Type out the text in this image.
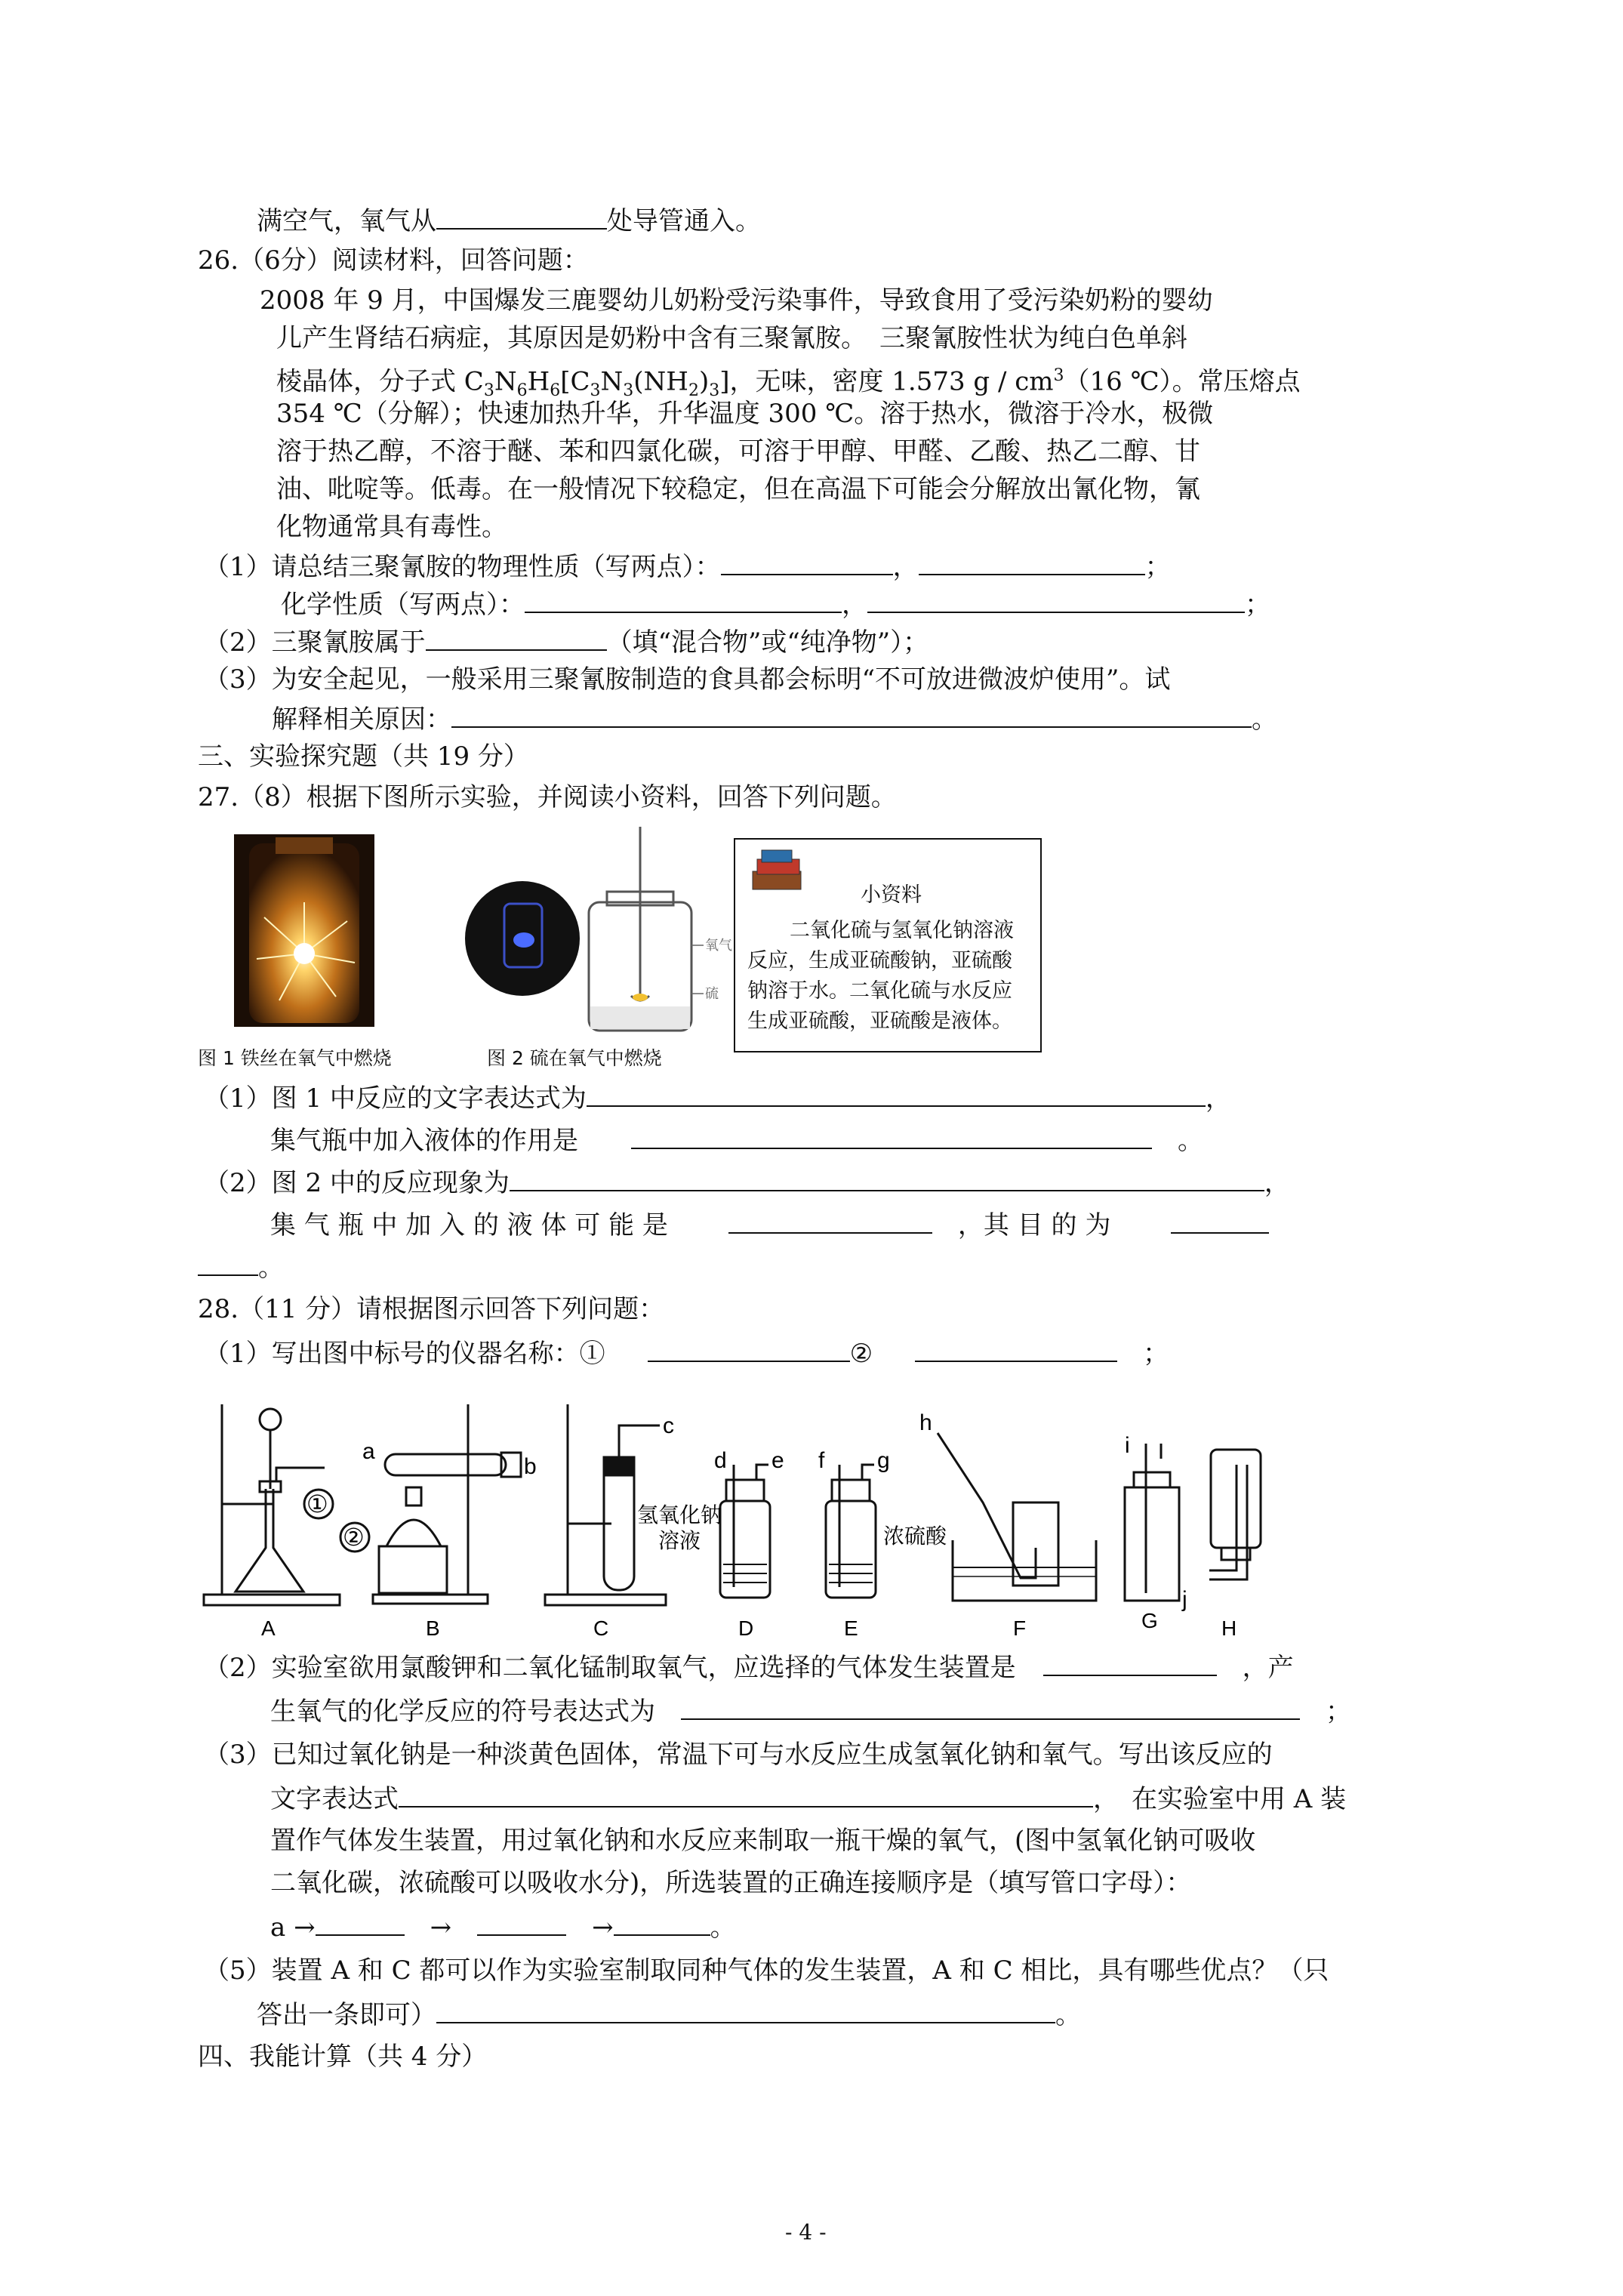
满空气，氧气从	处导管通入。
26.（6分）阅读材料，回答问题：
2008 年 9 月，中国爆发三鹿婴幼儿奶粉受污染事件，导致食用了受污染奶粉的婴幼
儿产生肾结石病症，其原因是奶粉中含有三聚氰胺。　三聚氰胺性状为纯白色单斜
棱晶体，分子式 $C_3N_6H_6[C_3N_3(NH_2)_3]$，无味，密度 1.573 g / $cm^3(16$ ℃）。常压熔点
354 ℃（分解）；快速加热升华，升华温度 300 ℃。溶于热水，微溶于冷水，极微
溶于热乙醇，不溶于醚、苯和四氯化碳，可溶于甲醇、甲醛、乙酸、热乙二醇、甘
油、吡啶等。低毒。在一般情况下较稳定，但在高温下可能会分解放出氰化物，氰
化物通常具有毒性。
（1）请总结三聚氰胺的物理性质（写两点）：	，	；
化学性质（写两点）：	，	；
（2）三聚氰胺属于	（填“混合物”或“纯净物”）；
（3）为安全起见，一般采用三聚氰胺制造的食具都会标明“不可放进微波炉使用”。试
解释相关原因：	。
三、实验探究题（共 19 分）
27.（8）根据下图所示实验，并阅读小资料，回答下列问题。
图 1 铁丝在氧气中燃烧
氧气
硫
图 2 硫在氧气中燃烧
小资料
二氧化硫与氢氧化钠溶液
反应，生成亚硫酸钠，亚硫酸
钠溶于水。二氧化硫与水反应
生成亚硫酸，亚硫酸是液体。
（1）图 1 中反应的文字表达式为	，
集气瓶中加入液体的作用是	　。
（2）图 2 中的反应现象为	，
集 气 瓶 中 加 入 的 液 体 可 能 是　	，其 目 的 为
。
28.（11 分）请根据图示回答下列问题：
（1）写出图中标号的仪器名称：①	②	　；
A	B	C	D	E	F	G	H
a
b
c
d e f g
h
i
j
①
②
氢氧化钠
溶液	浓硫酸
（2）实验室欲用氯酸钾和二氧化锰制取氧气，应选择的气体发生装置是　	，产
生氧气的化学反应的符号表达式为　	　；
（3）已知过氧化钠是一种淡黄色固体，常温下可与水反应生成氢氧化钠和氧气。写出该反应的
文字表达式	，　在实验室中用 A 装
置作气体发生装置，用过氧化钠和水反应来制取一瓶干燥的氧气，(图中氢氧化钠可吸收
二氧化碳，浓硫酸可以吸收水分)，所选装置的正确连接顺序是（填写管口字母）：
a →	　→　	　→	。
（5）装置 A 和 C 都可以作为实验室制取同种气体的发生装置，A 和 C 相比，具有哪些优点？（只
答出一条即可）	。
四、我能计算（共 4 分）
- 4 -
